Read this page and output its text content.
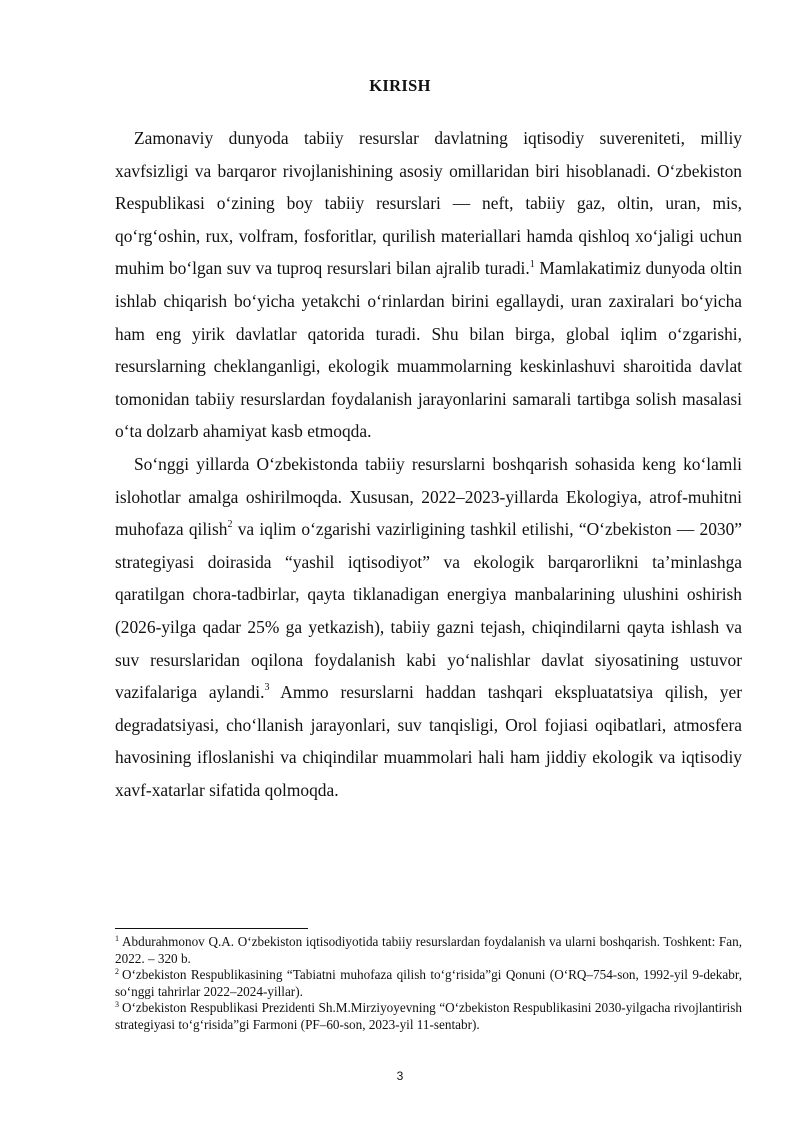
KIRISH

Zamonaviy dunyoda tabiiy resurslar davlatning iqtisodiy suvereniteti, milliy xavfsizligi va barqaror rivojlanishining asosiy omillaridan biri hisoblanadi. O‘zbekiston Respublikasi o‘zining boy tabiiy resurslari — neft, tabiiy gaz, oltin, uran, mis, qo‘rg‘oshin, rux, volfram, fosforitlar, qurilish materiallari hamda qishloq xo‘jaligi uchun muhim bo‘lgan suv va tuproq resurslari bilan ajralib turadi.$^1$ Mamlakatimiz dunyoda oltin ishlab chiqarish bo‘yicha yetakchi o‘rinlardan birini egallaydi, uran zaxiralari bo‘yicha ham eng yirik davlatlar qatorida turadi. Shu bilan birga, global iqlim o‘zgarishi, resurslarning cheklanganligi, ekologik muammolarning keskinlashuvi sharoitida davlat tomonidan tabiiy resurslardan foydalanish jarayonlarini samarali tartibga solish masalasi o‘ta dolzarb ahamiyat kasb etmoqda.

So‘nggi yillarda O‘zbekistonda tabiiy resurslarni boshqarish sohasida keng ko‘lamli islohotlar amalga oshirilmoqda. Xususan, 2022–2023-yillarda Ekologiya, atrof-muhitni muhofaza qilish$^2$ va iqlim o‘zgarishi vazirligining tashkil etilishi, “O‘zbekiston — 2030” strategiyasi doirasida “yashil iqtisodiyot” va ekologik barqarorlikni ta’minlashga qaratilgan chora-tadbirlar, qayta tiklanadigan energiya manbalarining ulushini oshirish (2026-yilga qadar 25% ga yetkazish), tabiiy gazni tejash, chiqindilarni qayta ishlash va suv resurslaridan oqilona foydalanish kabi yo‘nalishlar davlat siyosatining ustuvor vazifalariga aylandi.$^3$ Ammo resurslarni haddan tashqari ekspluatatsiya qilish, yer degradatsiyasi, cho‘llanish jarayonlari, suv tanqisligi, Orol fojiasi oqibatlari, atmosfera havosining ifloslanishi va chiqindilar muammolari hali ham jiddiy ekologik va iqtisodiy xavf-xatarlar sifatida qolmoqda.

$^1$ Abdurahmonov Q.A. O‘zbekiston iqtisodiyotida tabiiy resurslardan foydalanish va ularni boshqarish. Toshkent: Fan, 2022. – 320 b.

$^2$ O‘zbekiston Respublikasining “Tabiatni muhofaza qilish to‘g‘risida”gi Qonuni (O‘RQ–754-son, 1992-yil 9-dekabr, so‘nggi tahrirlar 2022–2024-yillar).

$^3$ O‘zbekiston Respublikasi Prezidenti Sh.M.Mirziyoyevning “O‘zbekiston Respublikasini 2030-yilgacha rivojlantirish strategiyasi to‘g‘risida”gi Farmoni (PF–60-son, 2023-yil 11-sentabr).

3
